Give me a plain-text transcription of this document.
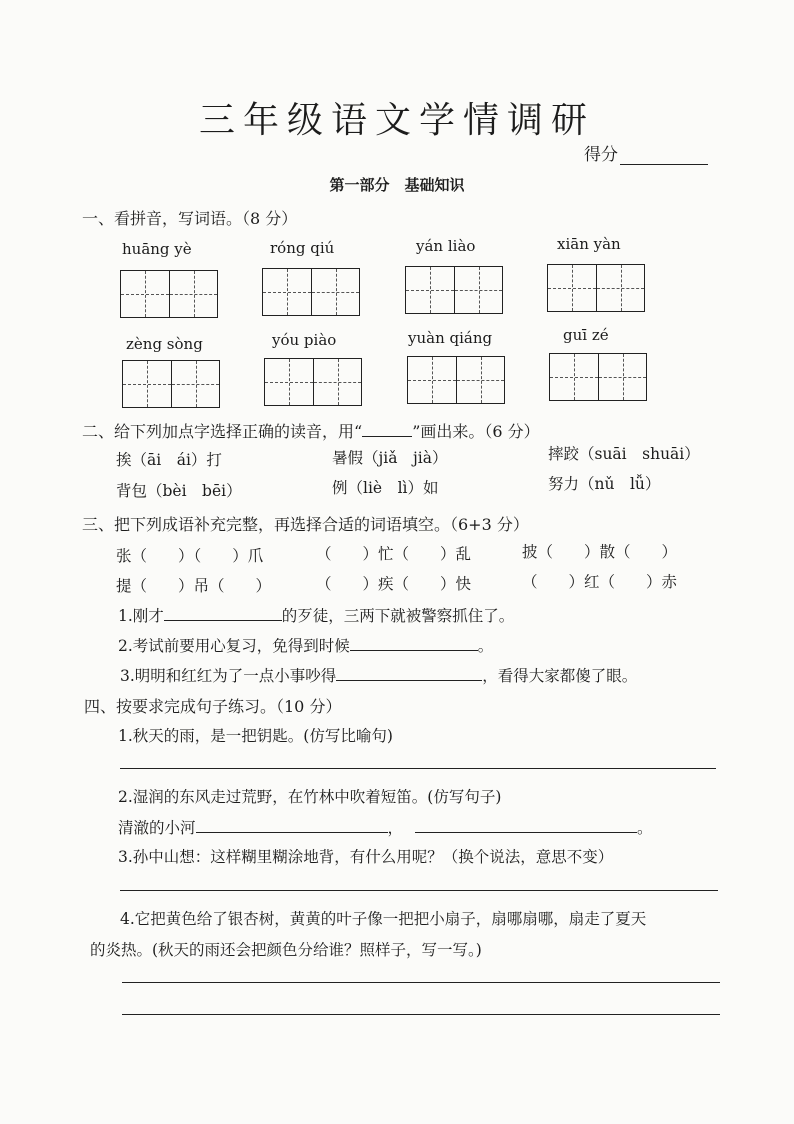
三年级语文学情调研
得分
第一部分　基础知识
一、看拼音，写词语。（8 分）
huāng yè	róng qiú	yán liào	xiān yàn
zèng sòng	yóu piào	yuàn qiáng	guī zé
二、给下列加点字选择正确的读音，用“	”画出来。（6 分）
挨（āi　ái）打	暑假（jiǎ　jià）	摔跤（suāi　shuāi）
背包（bèi　bēi）	例（liè　lì）如	努力（nǔ　lǚ）
三、把下列成语补充完整，再选择合适的词语填空。（6+3 分）
张（　　）（　　）爪	（　　）忙（　　）乱	披（　　）散（　　）
提（　　）吊（　　）	（　　）疾（　　）快	（　　）红（　　）赤
1.刚才	的歹徒，三两下就被警察抓住了。
2.考试前要用心复习，免得到时候	。
3.明明和红红为了一点小事吵得	，看得大家都傻了眼。
四、按要求完成句子练习。（10 分）
1.秋天的雨，是一把钥匙。(仿写比喻句)
2.湿润的东风走过荒野，在竹林中吹着短笛。(仿写句子)
清澈的小河	，	。
3.孙中山想：这样糊里糊涂地背，有什么用呢？（换个说法，意思不变）
4.它把黄色给了银杏树，黄黄的叶子像一把把小扇子，扇哪扇哪，扇走了夏天
的炎热。(秋天的雨还会把颜色分给谁？照样子，写一写。)
